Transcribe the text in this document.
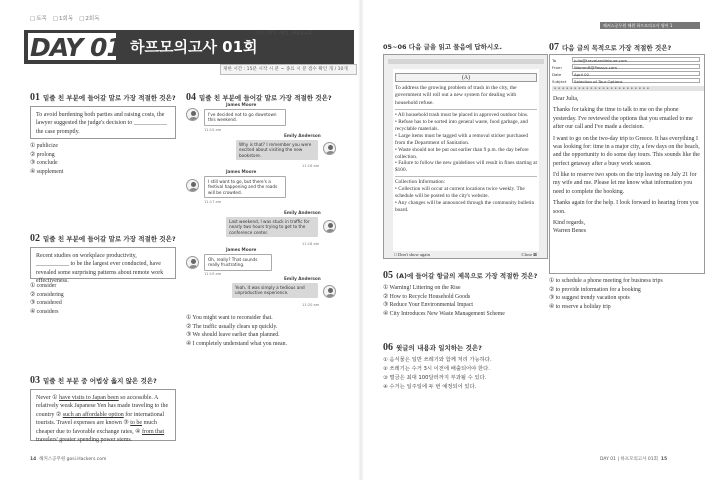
□ 토목	□ 1회독	□ 2회독
DAY 01 하프모의고사 01회
진도 | 해석 · 해설 _해설집 p.2
제한 시간 : 15분 시작 시 분 ~ 종료 시 분 점수 확인 개 / 10개
01 밑줄 친 부분에 들어갈 말로 가장 적절한 것은?
To avoid burdening both parties and raising costs, the lawyer suggested the judge's decision to ___________ the case promptly.
① publicize
② prolong
③ conclude
④ supplement
02 밑줄 친 부분에 들어갈 말로 가장 적절한 것은?
Recent studies on workplace productivity, ___________ to be the largest ever conducted, have revealed some surprising patterns about remote work effectiveness.
① consider
② considering
③ considered
④ considers
03 밑줄 친 부분 중 어법상 옳지 않은 것은?
Never ① have visits to Japan been so accessible. A relatively weak Japanese Yen has made traveling to the country ② such an affordable option for international tourists. Travel expenses are known ③ to be much cheaper due to favorable exchange rates, ④ from that travelers' greater spending power stems.
04 밑줄 친 부분에 들어갈 말로 가장 적절한 것은?
James Moore
I've decided not to go downtown this weekend.
11:15 am
Emily Anderson
Why is that? I remember you were excited about visiting the new bookstore.
11:16 am
James Moore
I still want to go, but there's a festival happening and the roads will be crowded.
11:17 am
Emily Anderson
Last weekend, I was stuck in traffic for nearly two hours trying to get to the conference center.
11:18 am
James Moore
Oh, really? That sounds really frustrating.
11:19 am
Emily Anderson
Yeah, it was simply a tedious and unproductive experience.
11:20 am
① You might want to reconsider that.
② The traffic usually clears up quickly.
③ We should leave earlier than planned.
④ I completely understand what you mean.
14 해커스공무원 gosi.Hackers.com
해커스공무원 혜원 하프모의고사 영어 1
05~06 다음 글을 읽고 물음에 답하시오.
(A)
To address the growing problem of trash in the city, the government will roll out a new system for dealing with household refuse.
• All household trash must be placed in approved outdoor bins.
• Refuse has to be sorted into general waste, food garbage, and recyclable materials.
• Large items must be tagged with a removal sticker purchased from the Department of Sanitation.
• Waste should not be put out earlier than 9 p.m. the day before collection.
• Failure to follow the new guidelines will result in fines starting at $100.
Collection Information:
• Collection will occur at current locations twice weekly. The schedule will be posted to the city's website.
• Any changes will be announced through the community bulletin board.
□ Don't show again	Close ⊠
05 (A)에 들어갈 항글의 제목으로 가장 적절한 것은?
① Warning! Littering on the Rise
② How to Recycle Household Goods
③ Reduce Your Environmental Impact
④ City Introduces New Waste Management Scheme
06 윗글의 내용과 일치하는 것은?
① 음식물은 일반 쓰레기와 함께 처리 가능하다.
② 쓰레기는 수거 3시 이전에 배출되어야 한다.
③ 벌금은 최대 100달러까지 부과될 수 있다.
④ 수거는 일주일에 두 번 예정되어 있다.
07 다음 글의 목적으로 가장 적절한 것은?
To	Julia@travelandleisure.com
From	WarrenB@Passus.com
Date	April 02
Subject Selection of Tour Options
▪▪▪▪▪▪▪▪▪▪▪▪▪▪▪▪▪▪▪▪▪▪▪▪
Dear Julia,
Thanks for taking the time to talk to me on the phone yesterday. I've reviewed the options that you emailed to me after our call and I've made a decision.
I want to go on the two-day trip to Greece. It has everything I was looking for: time in a major city, a few days on the beach, and the opportunity to do some day tours. This sounds like the perfect getaway after a busy work season.
I'd like to reserve two spots on the trip leaving on July 21 for my wife and me. Please let me know what information you need to complete the booking.
Thanks again for the help. I look forward to hearing from you soon.
Kind regards,
Warren Benes
① to schedule a phone meeting for business trips
② to provide information for a booking
③ to suggest trendy vacation spots
④ to reserve a holiday trip
DAY 01 | 하프모의고사 01회 15
